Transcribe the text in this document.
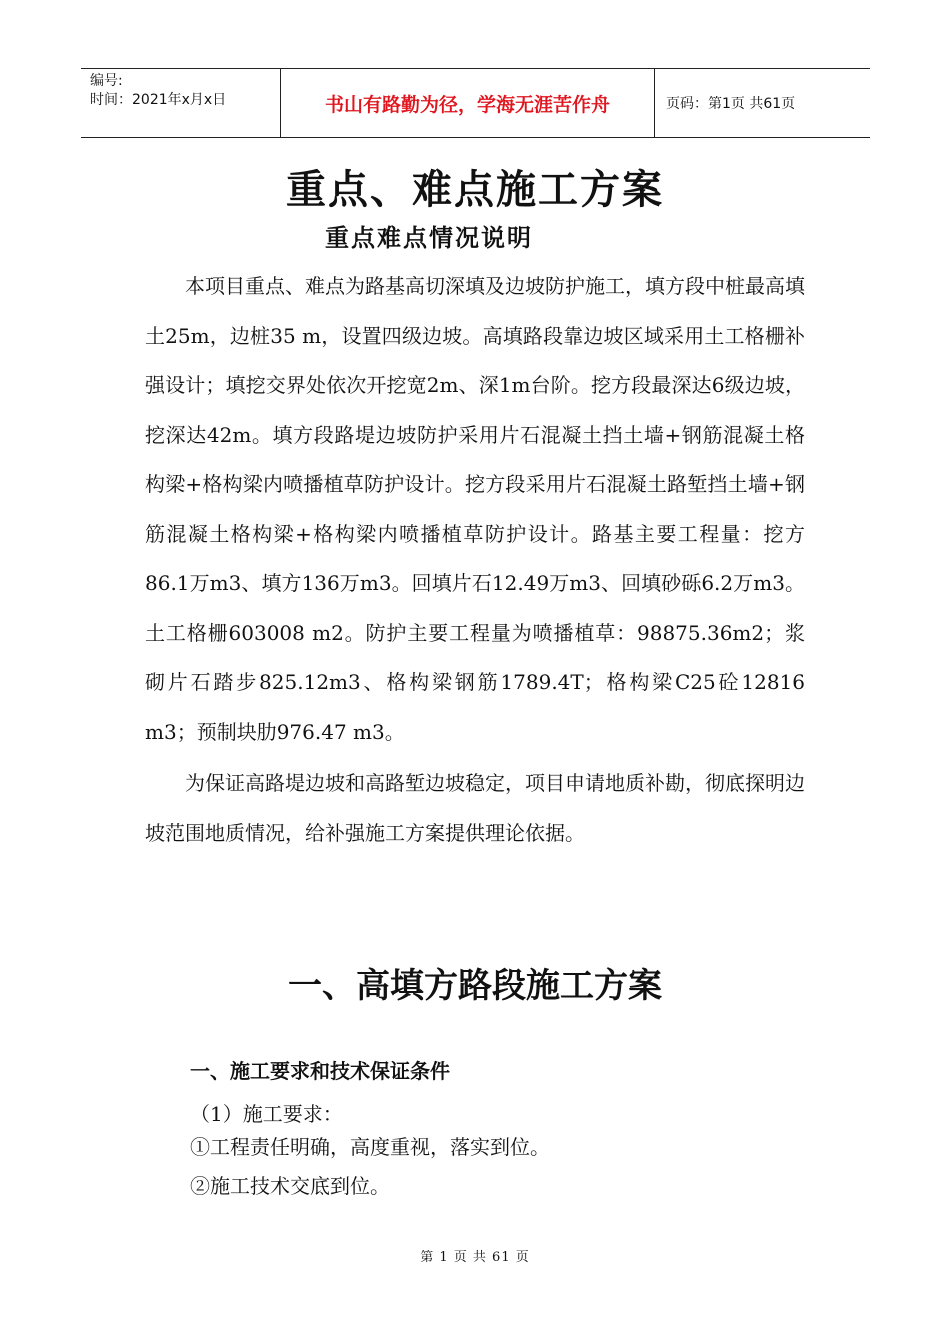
编号:
时间：2021年x月x日	书山有路勤为径，学海无涯苦作舟	页码：第1页 共61页
重点、难点施工方案
重点难点情况说明

本项目重点、难点为路基高切深填及边坡防护施工，填方段中桩最高填土25m，边桩35 m，设置四级边坡。高填路段靠边坡区域采用土工格栅补强设计；填挖交界处依次开挖宽2m、深1m台阶。挖方段最深达6级边坡，挖深达42m。填方段路堤边坡防护采用片石混凝土挡土墙+钢筋混凝土格构梁+格构梁内喷播植草防护设计。挖方段采用片石混凝土路堑挡土墙+钢筋混凝土格构梁+格构梁内喷播植草防护设计。路基主要工程量：挖方86.1万m3、填方136万m3。回填片石12.49万m3、回填砂砾6.2万m3。土工格栅603008 m2。防护主要工程量为喷播植草：98875.36m2；浆砌片石踏步825.12m3、格构梁钢筋1789.4T；格构梁C25砼12816 m3；预制块肋976.47 m3。

为保证高路堤边坡和高路堑边坡稳定，项目申请地质补勘，彻底探明边坡范围地质情况，给补强施工方案提供理论依据。

一、高填方路段施工方案
一、施工要求和技术保证条件
（1）施工要求：
①工程责任明确，高度重视，落实到位。
②施工技术交底到位。
第 1 页 共 61 页
